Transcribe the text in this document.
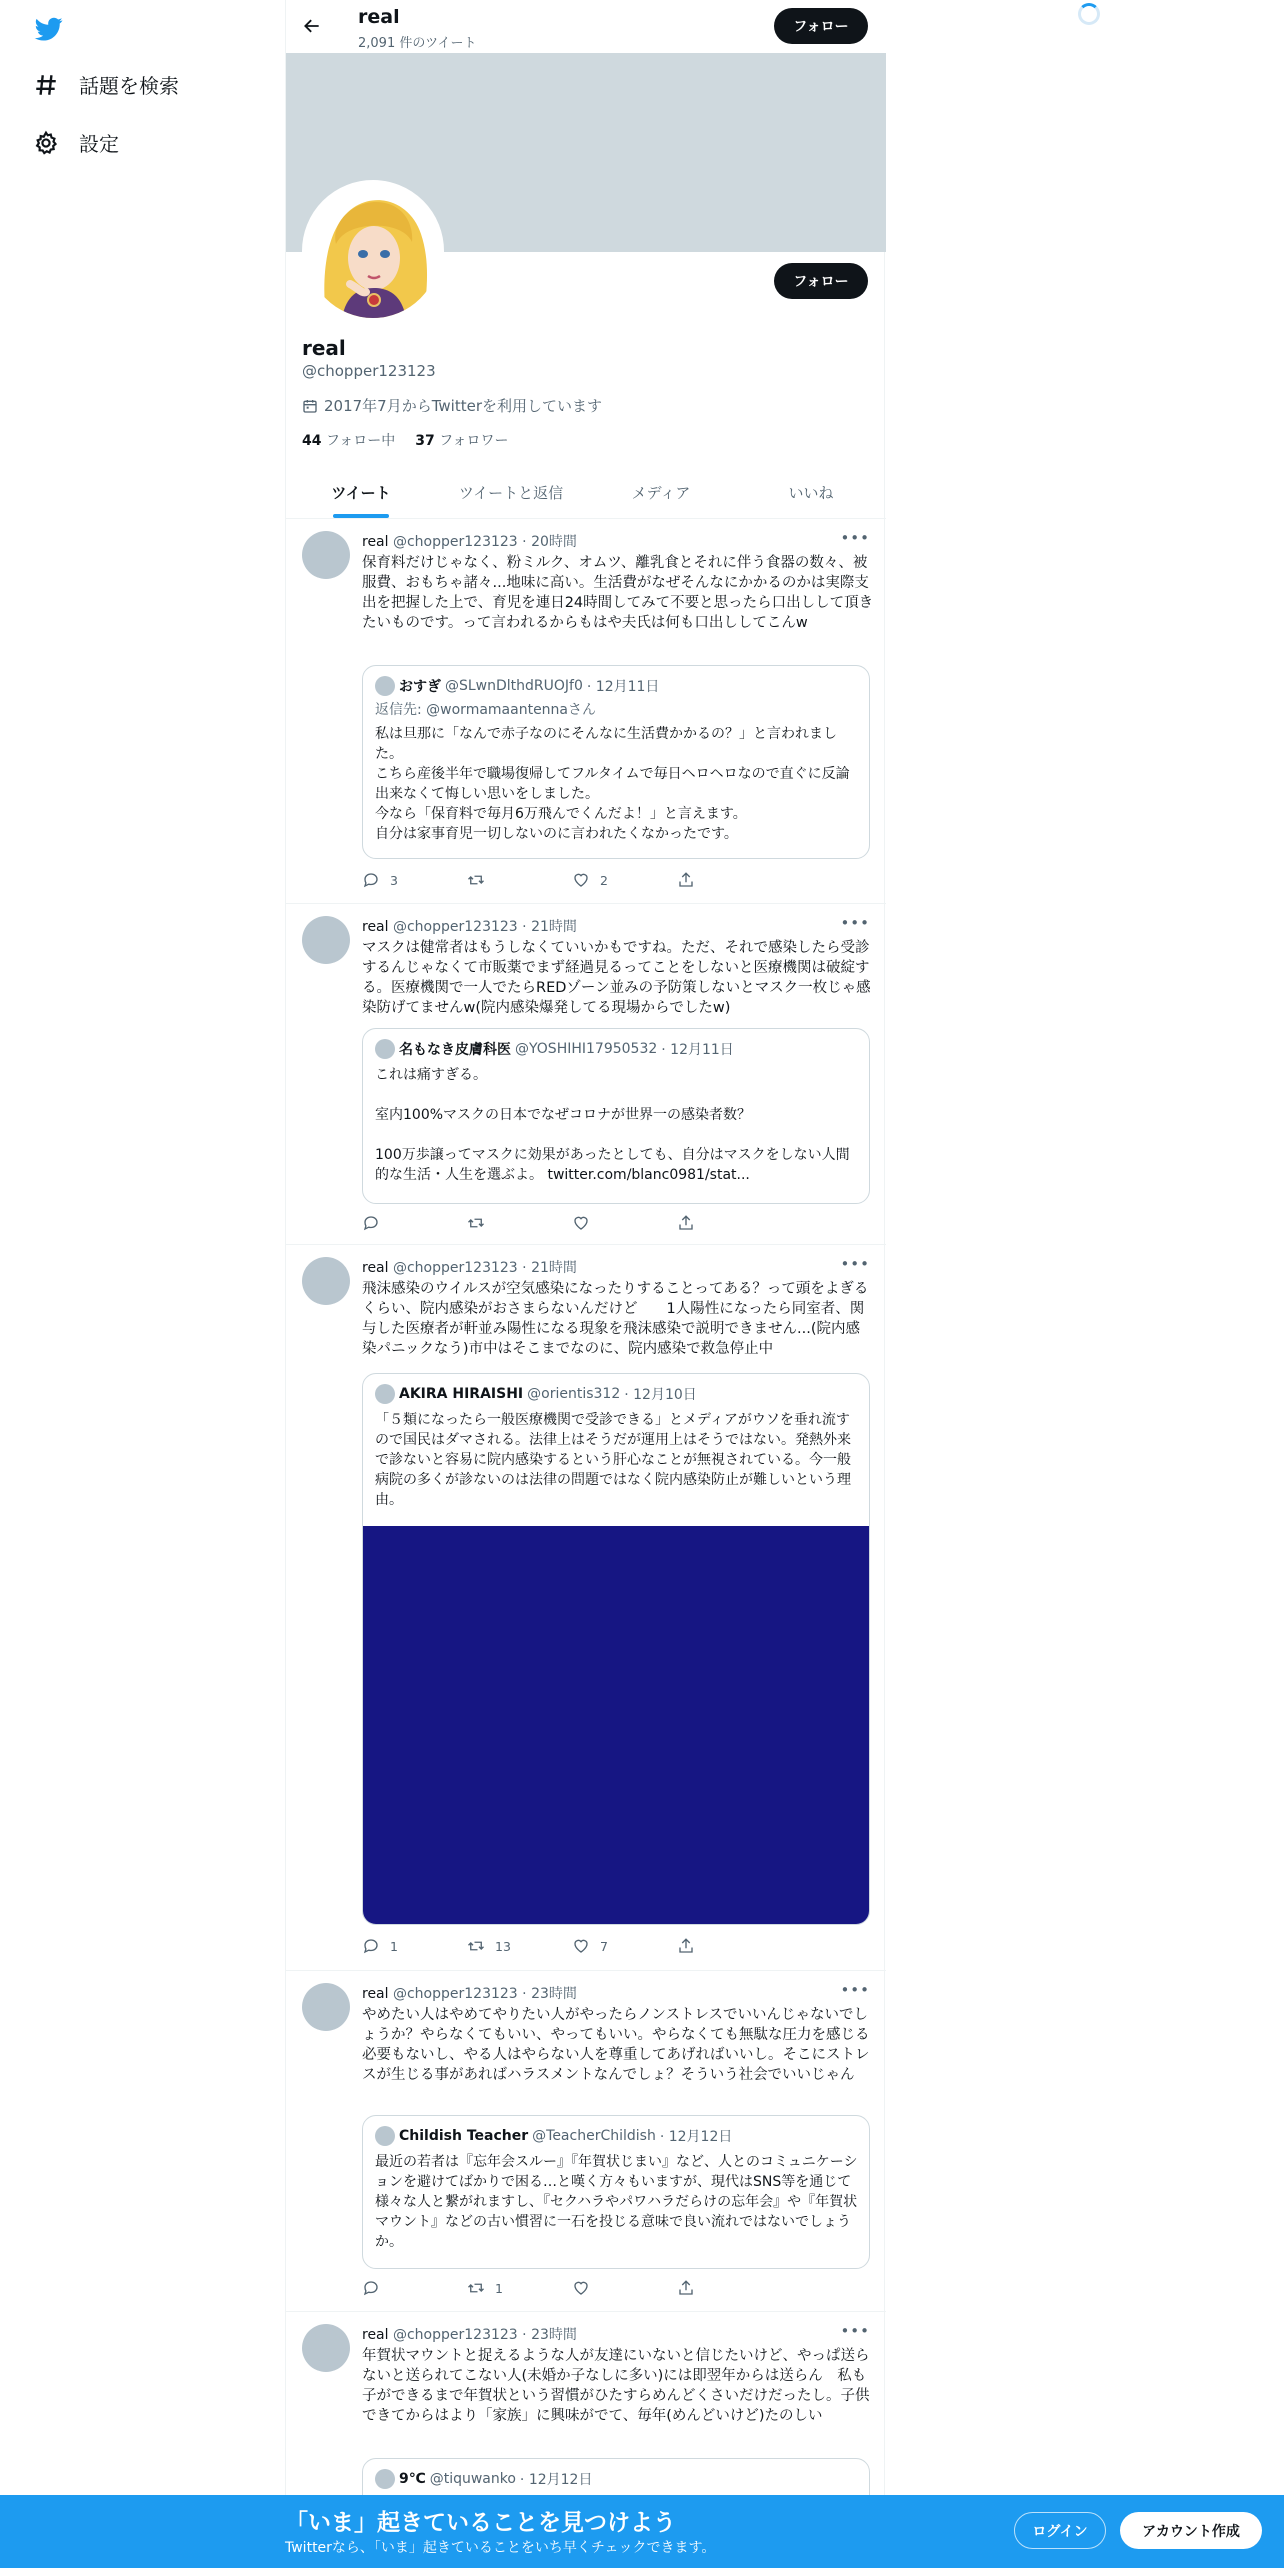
話題を検索
設定
real
2,091 件のツイート
フォロー
フォロー
real
@chopper123123
2017年7月からTwitterを利用しています
44 フォロー中 37 フォロワー
ツイート	ツイートと返信	メディア	いいね
real @chopper123123 · 20時間	•••
保育料だけじゃなく、粉ミルク、オムツ、離乳食とそれに伴う食器の数々、被服費、おもちゃ諸々...地味に高い。生活費がなぜそんなにかかるのかは実際支出を把握した上で、育児を連日24時間してみて不要と思ったら口出しして頂きたいものです。って言われるからもはや夫氏は何も口出ししてこんw
おすぎ @SLwnDlthdRUOJf0 · 12月11日
返信先: @wormamaantennaさん
私は旦那に「なんで赤子なのにそんなに生活費かかるの？」と言われました。
こちら産後半年で職場復帰してフルタイムで毎日ヘロヘロなので直ぐに反論出来なくて悔しい思いをしました。
今なら「保育料で毎月6万飛んでくんだよ！」と言えます。
自分は家事育児一切しないのに言われたくなかったです。
3	2
real @chopper123123 · 21時間	•••
マスクは健常者はもうしなくていいかもですね。ただ、それで感染したら受診するんじゃなくて市販薬でまず経過見るってことをしないと医療機関は破綻する。医療機関で一人でたらREDゾーン並みの予防策しないとマスク一枚じゃ感染防げてませんw(院内感染爆発してる現場からでしたw)
名もなき皮膚科医 @YOSHIHI17950532 · 12月11日
これは痛すぎる。

室内100%マスクの日本でなぜコロナが世界一の感染者数？

100万歩譲ってマスクに効果があったとしても、自分はマスクをしない人間的な生活・人生を選ぶよ。 twitter.com/blanc0981/stat...
real @chopper123123 · 21時間	•••
飛沫感染のウイルスが空気感染になったりすることってある？って頭をよぎるくらい、院内感染がおさまらないんだけど　　1人陽性になったら同室者、関与した医療者が軒並み陽性になる現象を飛沫感染で説明できません...(院内感染パニックなう)市中はそこまでなのに、院内感染で救急停止中
AKIRA HIRAISHI @orientis312 · 12月10日
「５類になったら一般医療機関で受診できる」とメディアがウソを垂れ流すので国民はダマされる。法律上はそうだが運用上はそうではない。発熱外来で診ないと容易に院内感染するという肝心なことが無視されている。今一般病院の多くが診ないのは法律の問題ではなく院内感染防止が難しいという理由。
1	13	7
real @chopper123123 · 23時間	•••
やめたい人はやめてやりたい人がやったらノンストレスでいいんじゃないでしょうか？やらなくてもいい、やってもいい。やらなくても無駄な圧力を感じる必要もないし、やる人はやらない人を尊重してあげればいいし。そこにストレスが生じる事があればハラスメントなんでしょ？そういう社会でいいじゃん
Childish Teacher @TeacherChildish · 12月12日
最近の若者は『忘年会スルー』『年賀状じまい』など、人とのコミュニケーションを避けてばかりで困る…と嘆く方々もいますが、現代はSNS等を通じて様々な人と繋がれますし、『セクハラやパワハラだらけの忘年会』や『年賀状マウント』などの古い慣習に一石を投じる意味で良い流れではないでしょうか。
1
real @chopper123123 · 23時間	•••
年賀状マウントと捉えるような人が友達にいないと信じたいけど、やっぱ送らないと送られてこない人(未婚か子なしに多い)には即翌年からは送らん　私も子ができるまで年賀状という習慣がひたすらめんどくさいだけだったし。子供できてからはより「家族」に興味がでて、毎年(めんどいけど)たのしい
9℃ @tiquwanko · 12月12日
「いま」起きていることを見つけよう
Twitterなら、「いま」起きていることをいち早くチェックできます。
ログイン	アカウント作成
